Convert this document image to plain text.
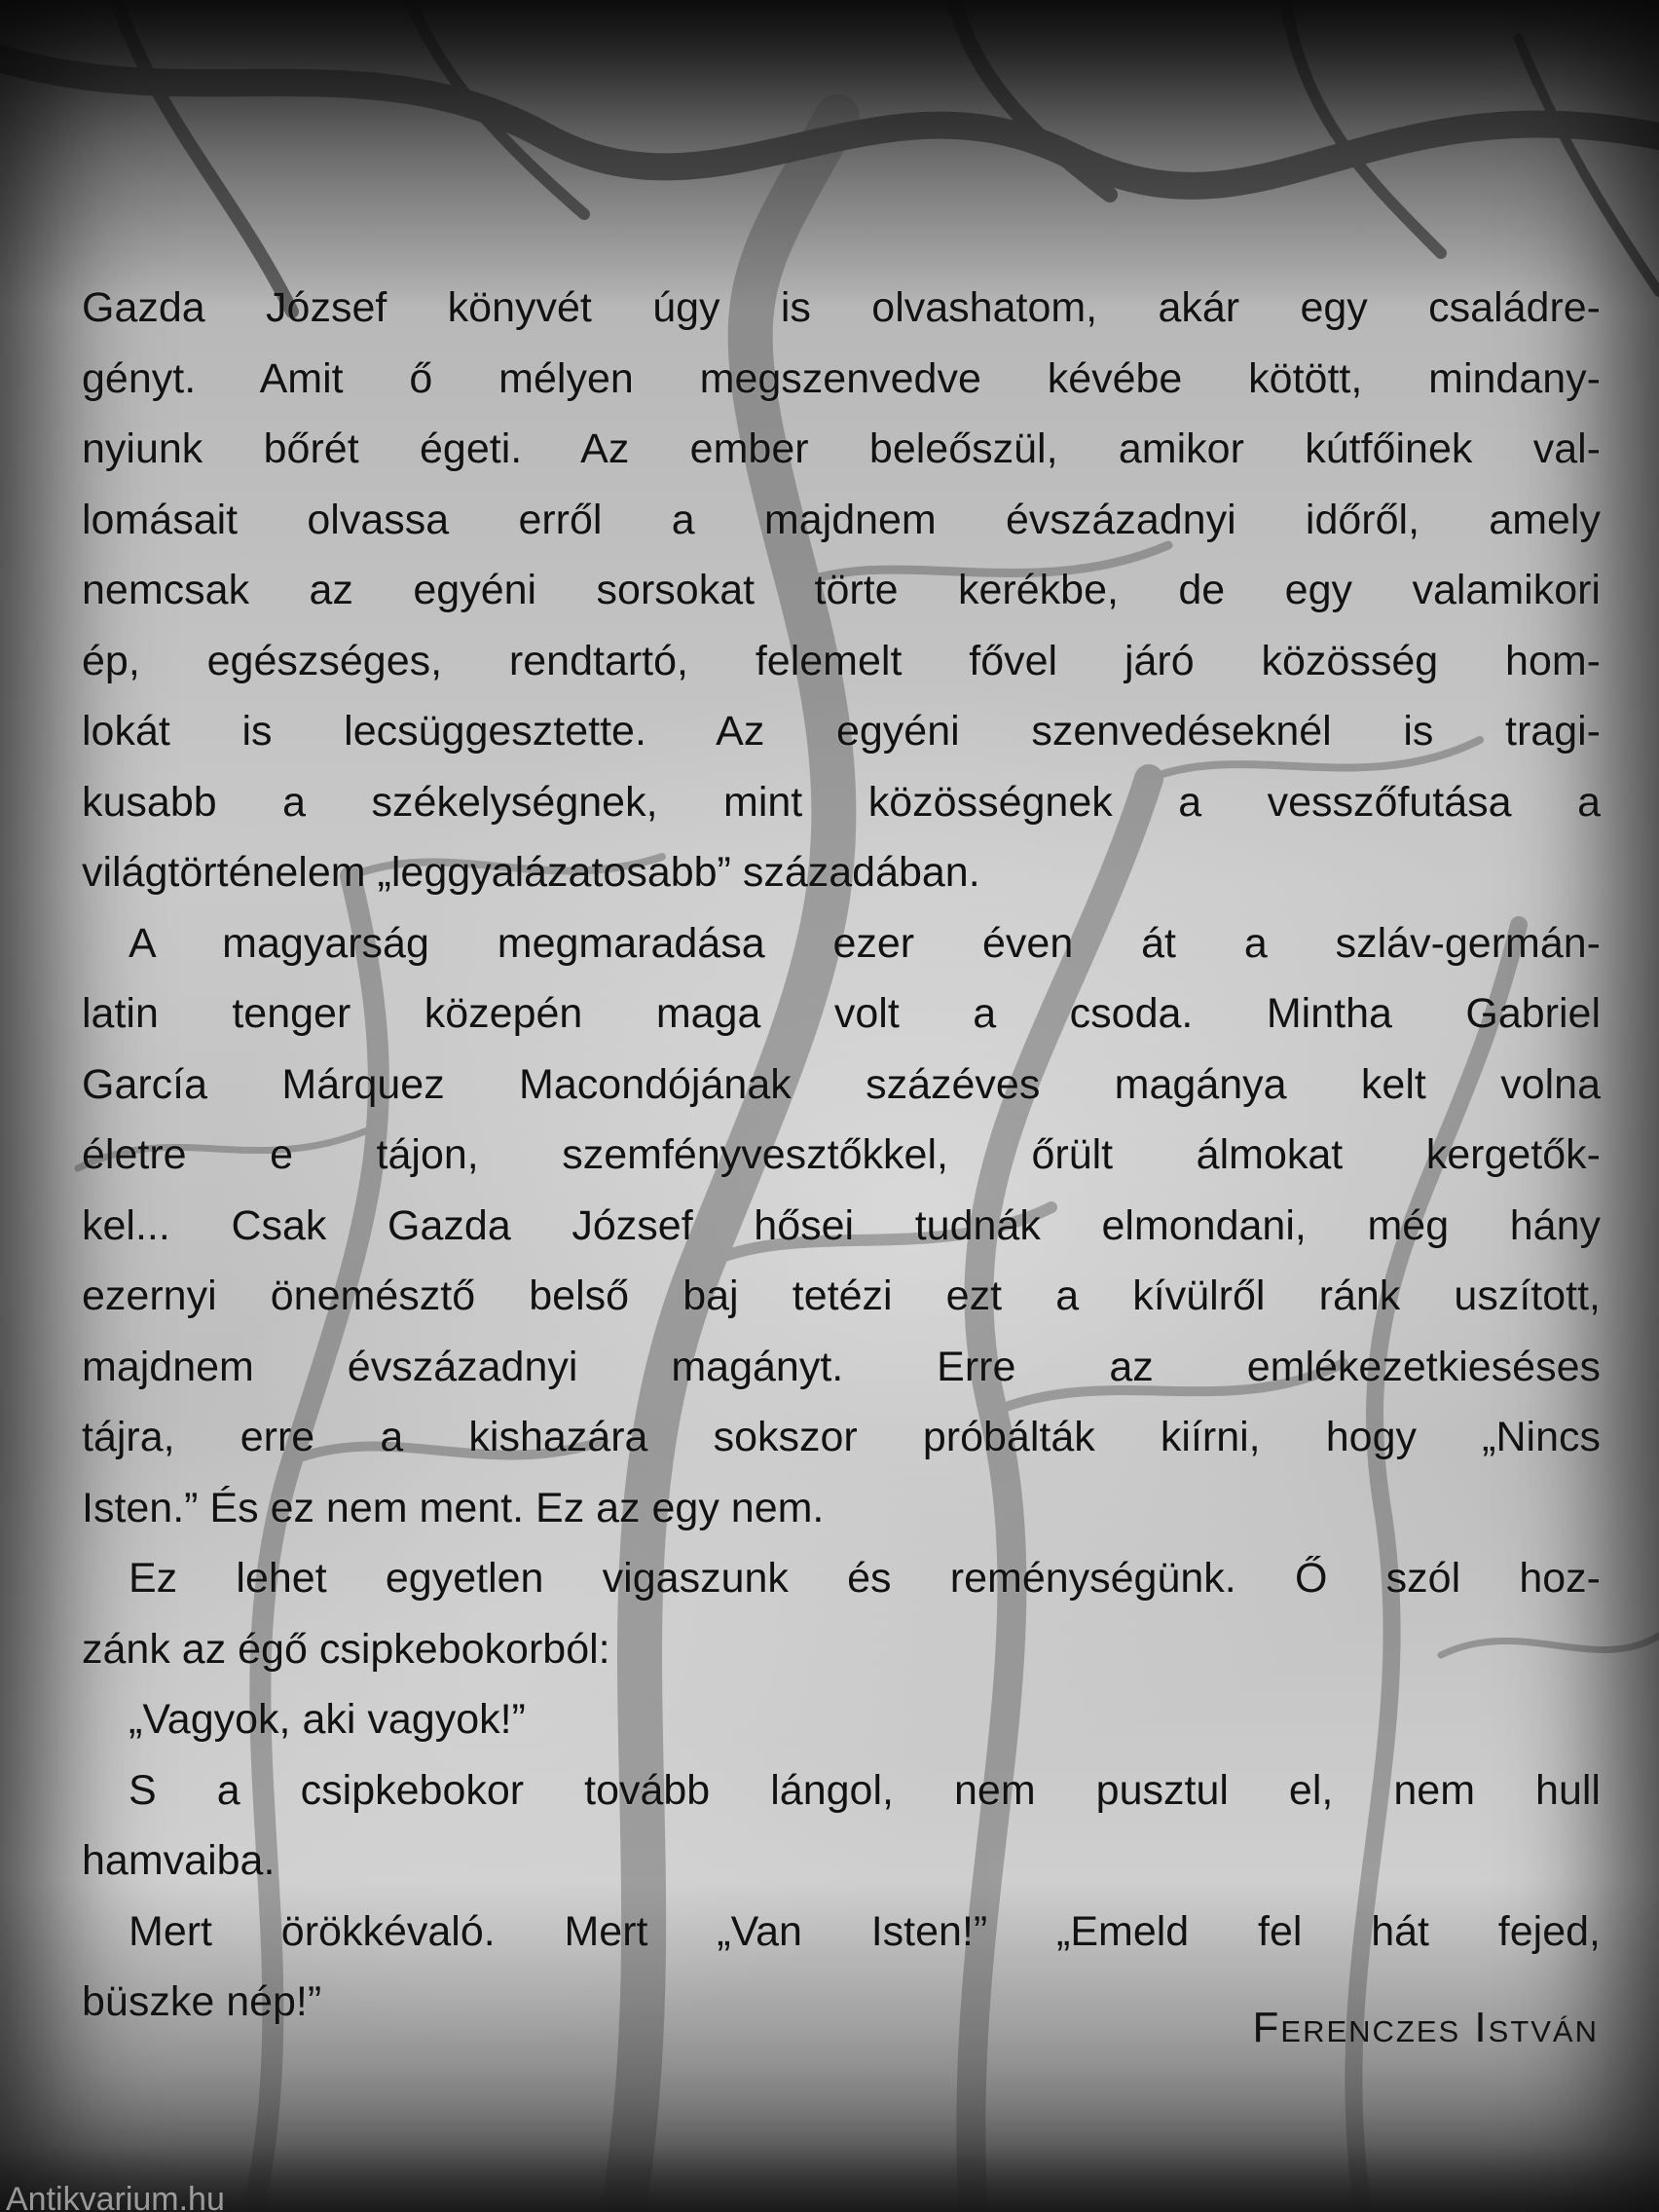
Gazda József könyvét úgy is olvashatom, akár egy családre-
gényt. Amit ő mélyen megszenvedve kévébe kötött, mindany-
nyiunk bőrét égeti. Az ember beleőszül, amikor kútfőinek val-
lomásait olvassa erről a majdnem évszázadnyi időről, amely
nemcsak az egyéni sorsokat törte kerékbe, de egy valamikori
ép, egészséges, rendtartó, felemelt fővel járó közösség hom-
lokát is lecsüggesztette. Az egyéni szenvedéseknél is tragi-
kusabb a székelységnek, mint közösségnek a vesszőfutása a
világtörténelem „leggyalázatosabb” századában.
A magyarság megmaradása ezer éven át a szláv-germán-
latin tenger közepén maga volt a csoda. Mintha Gabriel
García Márquez Macondójának százéves magánya kelt volna
életre e tájon, szemfényvesztőkkel, őrült álmokat kergetők-
kel... Csak Gazda József hősei tudnák elmondani, még hány
ezernyi önemésztő belső baj tetézi ezt a kívülről ránk uszított,
majdnem évszázadnyi magányt. Erre az emlékezetkieséses
tájra, erre a kishazára sokszor próbálták kiírni, hogy „Nincs
Isten.” És ez nem ment. Ez az egy nem.
Ez lehet egyetlen vigaszunk és reménységünk. Ő szól hoz-
zánk az égő csipkebokorból:
„Vagyok, aki vagyok!”
S a csipkebokor tovább lángol, nem pusztul el, nem hull
hamvaiba.
Mert örökkévaló. Mert „Van Isten!” „Emeld fel hát fejed,
büszke nép!”
Ferenczes István
Antikvarium.hu
